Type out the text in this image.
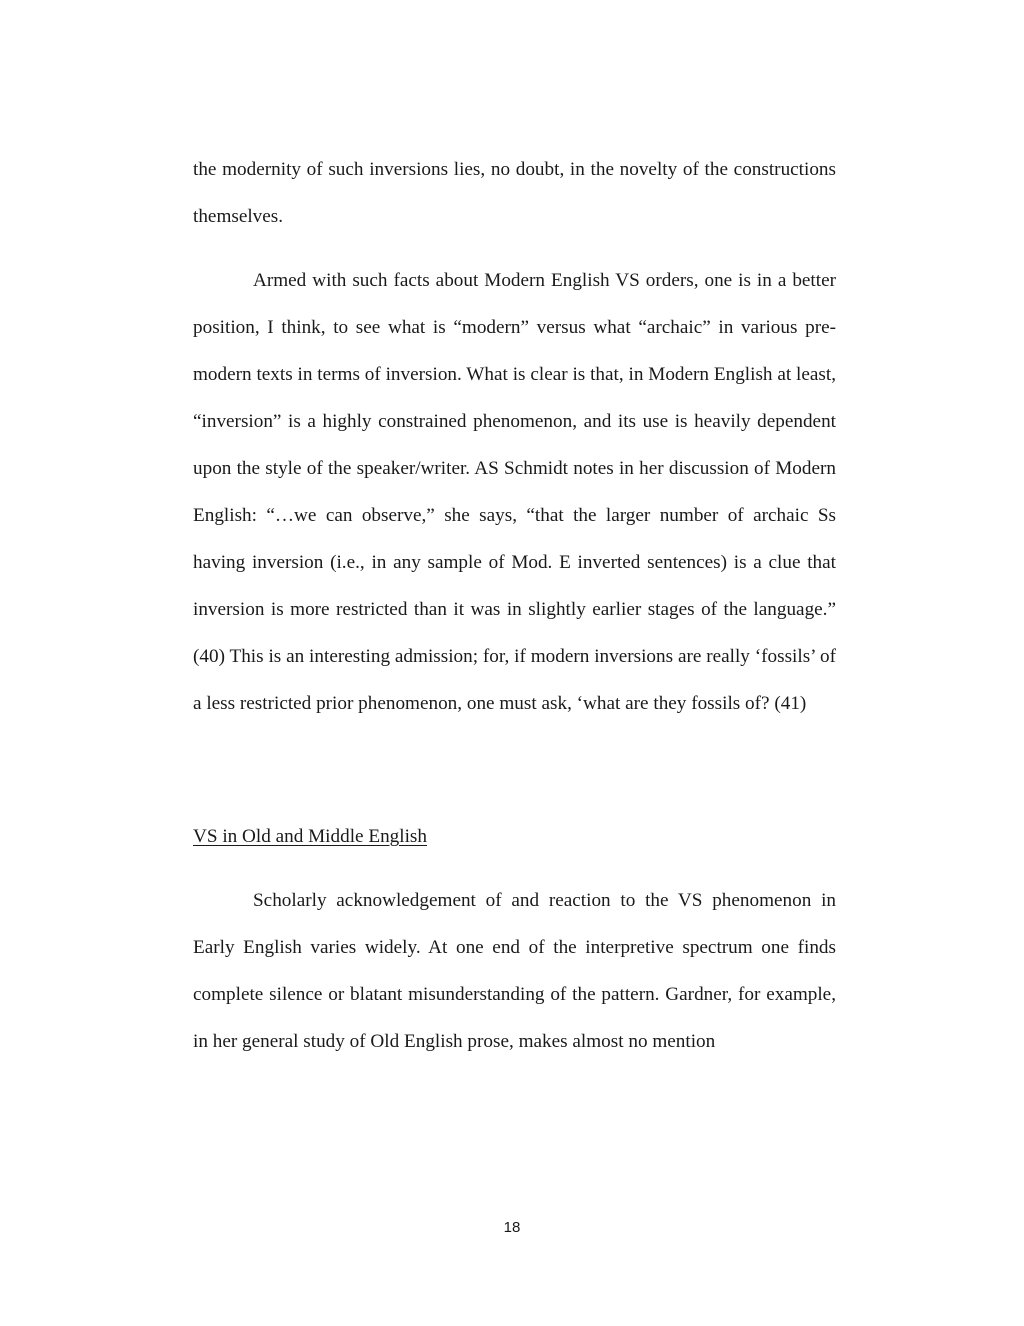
the modernity of such inversions lies, no doubt, in the novelty of the constructions themselves.

Armed with such facts about Modern English VS orders, one is in a better position, I think, to see what is “modern” versus what “archaic” in various pre-modern texts in terms of inversion. What is clear is that, in Modern English at least, “inversion” is a highly constrained phenomenon, and its use is heavily dependent upon the style of the speaker/writer. AS Schmidt notes in her discussion of Modern English: “…we can observe,” she says, “that the larger number of archaic Ss having inversion (i.e., in any sample of Mod. E inverted sentences) is a clue that inversion is more restricted than it was in slightly earlier stages of the language.” (40) This is an interesting admission; for, if modern inversions are really ‘fossils’ of a less restricted prior phenomenon, one must ask, ‘what are they fossils of? (41)

VS in Old and Middle English

Scholarly acknowledgement of and reaction to the VS phenomenon in Early English varies widely. At one end of the interpretive spectrum one finds complete silence or blatant misunderstanding of the pattern. Gardner, for example, in her general study of Old English prose, makes almost no mention

18
